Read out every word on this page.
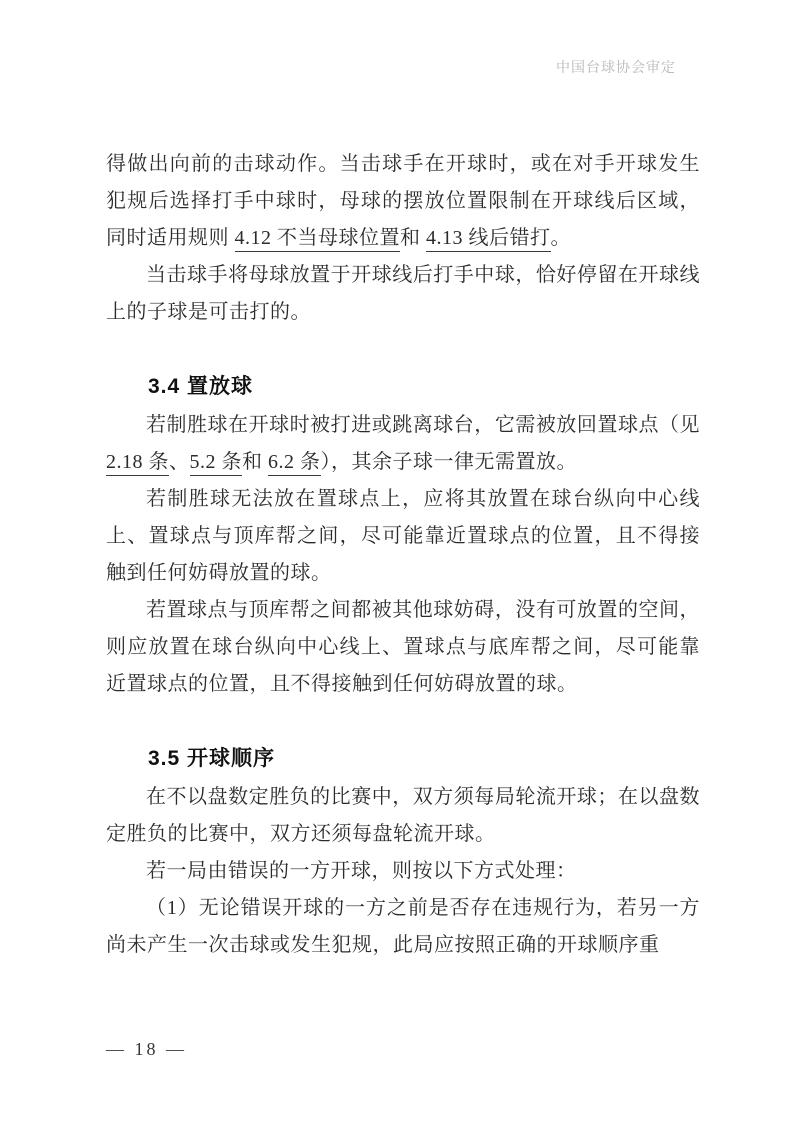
中国台球协会审定

得做出向前的击球动作。当击球手在开球时，或在对手开球发生犯规后选择打手中球时，母球的摆放位置限制在开球线后区域，同时适用规则 4.12 不当母球位置和 4.13 线后错打。

当击球手将母球放置于开球线后打手中球，恰好停留在开球线上的子球是可击打的。

3.4 置放球

若制胜球在开球时被打进或跳离球台，它需被放回置球点（见 2.18 条、5.2 条和 6.2 条），其余子球一律无需置放。

若制胜球无法放在置球点上，应将其放置在球台纵向中心线上、置球点与顶库帮之间，尽可能靠近置球点的位置，且不得接触到任何妨碍放置的球。

若置球点与顶库帮之间都被其他球妨碍，没有可放置的空间，则应放置在球台纵向中心线上、置球点与底库帮之间，尽可能靠近置球点的位置，且不得接触到任何妨碍放置的球。

3.5 开球顺序

在不以盘数定胜负的比赛中，双方须每局轮流开球；在以盘数定胜负的比赛中，双方还须每盘轮流开球。

若一局由错误的一方开球，则按以下方式处理：

（1）无论错误开球的一方之前是否存在违规行为，若另一方尚未产生一次击球或发生犯规，此局应按照正确的开球顺序重

— 18 —
